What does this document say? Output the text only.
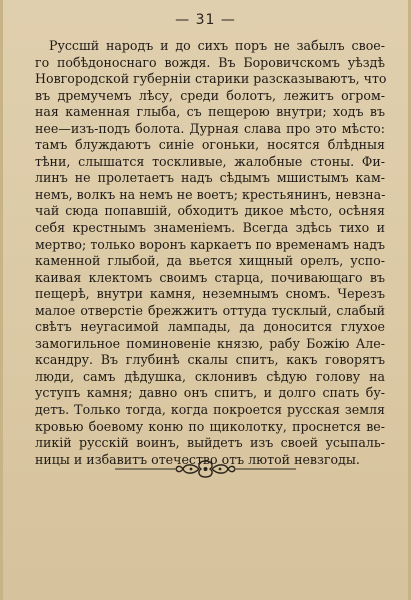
— 31 —
Руссшй народъ и до сихъ поръ не забылъ свое-
го побѣдоноснаго вождя. Въ Боровичскомъ уѣздѣ
Новгородской губерніи старики разсказываютъ, что
въ дремучемъ лѣсу, среди болотъ, лежитъ огром-
ная каменная глыба, съ пещерою внутри; ходъ въ
нее—изъ-подъ болота. Дурная слава про это мѣсто:
тамъ блуждаютъ синіе огоньки, носятся блѣдныя
тѣни, слышатся тоскливые, жалобные стоны. Фи-
линъ не пролетаетъ надъ сѣдымъ мшистымъ кам-
немъ, волкъ на немъ не воетъ; крестьянинъ, невзна-
чай сюда попавшій, обходитъ дикое мѣсто, осѣняя
себя крестнымъ знаменіемъ. Всегда здѣсь тихо и
мертво; только воронъ каркаетъ по временамъ надъ
каменной глыбой, да вьется хищный орелъ, успо-
каивая клектомъ своимъ старца, почивающаго въ
пещерѣ, внутри камня, неземнымъ сномъ. Черезъ
малое отверстіе брежжитъ оттуда тусклый, слабый
свѣтъ неугасимой лампады, да доносится глухое
замогильное поминовеніе князю, рабу Божію Але-
ксандру. Въ глубинѣ скалы спитъ, какъ говорятъ
люди, самъ дѣдушка, склонивъ сѣдую голову на
уступъ камня; давно онъ спитъ, и долго спать бу-
детъ. Только тогда, когда покроется русская земля
кровью боевому коню по щиколотку, проснется ве-
ликій русскій воинъ, выйдетъ изъ своей усыпаль-
ницы и избавитъ отечество отъ лютой невзгоды.
